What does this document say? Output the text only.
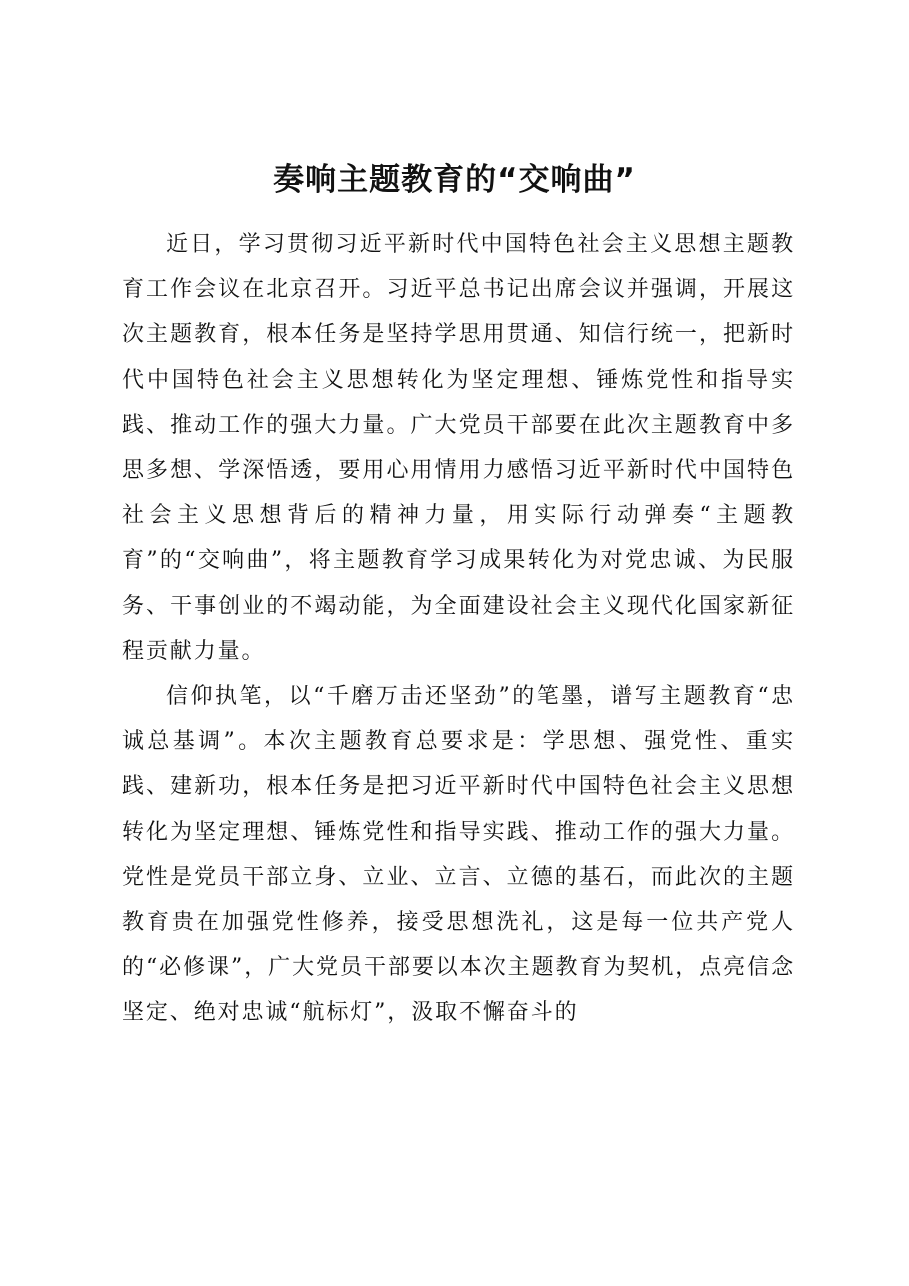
奏响主题教育的“交响曲”

近日，学习贯彻习近平新时代中国特色社会主义思想主题教育工作会议在北京召开。习近平总书记出席会议并强调，开展这次主题教育，根本任务是坚持学思用贯通、知信行统一，把新时代中国特色社会主义思想转化为坚定理想、锤炼党性和指导实践、推动工作的强大力量。广大党员干部要在此次主题教育中多思多想、学深悟透，要用心用情用力感悟习近平新时代中国特色社会主义思想背后的精神力量，用实际行动弹奏“主题教育”的“交响曲”，将主题教育学习成果转化为对党忠诚、为民服务、干事创业的不竭动能，为全面建设社会主义现代化国家新征程贡献力量。

信仰执笔，以“千磨万击还坚劲”的笔墨，谱写主题教育“忠诚总基调”。本次主题教育总要求是：学思想、强党性、重实践、建新功，根本任务是把习近平新时代中国特色社会主义思想转化为坚定理想、锤炼党性和指导实践、推动工作的强大力量。党性是党员干部立身、立业、立言、立德的基石，而此次的主题教育贵在加强党性修养，接受思想洗礼，这是每一位共产党人的“必修课”，广大党员干部要以本次主题教育为契机，点亮信念坚定、绝对忠诚“航标灯”，汲取不懈奋斗的
